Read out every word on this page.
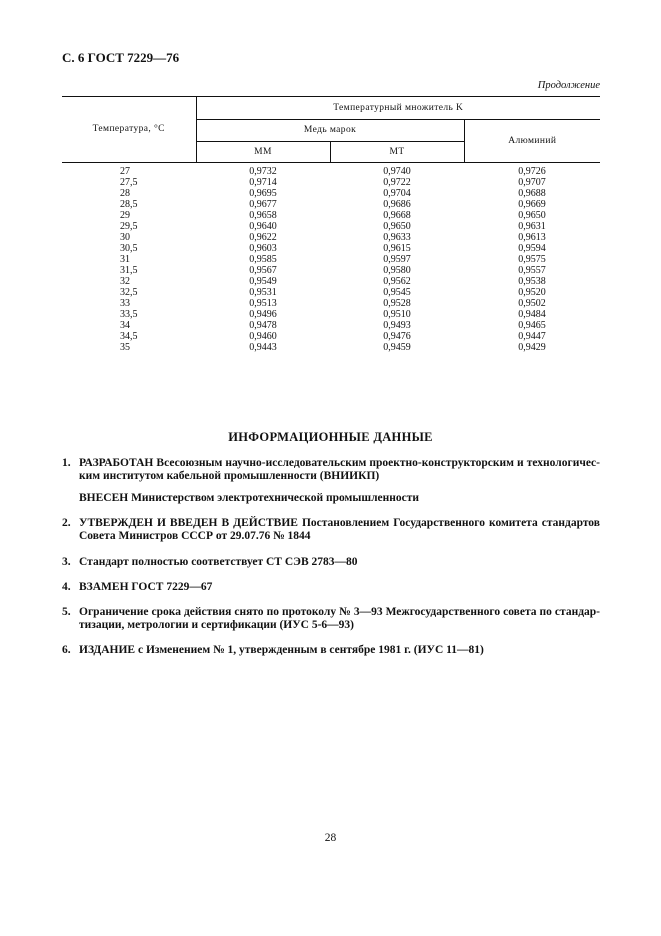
С. 6 ГОСТ 7229—76
Продолжение
Температура, °С	Температурный множитель K		
	Медь марок		Алюминий
	ММ	МТ	
27	0,9732	0,9740	0,9726
27,5	0,9714	0,9722	0,9707
28	0,9695	0,9704	0,9688
28,5	0,9677	0,9686	0,9669
29	0,9658	0,9668	0,9650
29,5	0,9640	0,9650	0,9631
30	0,9622	0,9633	0,9613
30,5	0,9603	0,9615	0,9594
31	0,9585	0,9597	0,9575
31,5	0,9567	0,9580	0,9557
32	0,9549	0,9562	0,9538
32,5	0,9531	0,9545	0,9520
33	0,9513	0,9528	0,9502
33,5	0,9496	0,9510	0,9484
34	0,9478	0,9493	0,9465
34,5	0,9460	0,9476	0,9447
35	0,9443	0,9459	0,9429
ИНФОРМАЦИОННЫЕ ДАННЫЕ
1. РАЗРАБОТАН Всесоюзным научно-исследовательским проектно-конструкторским и технологичес-
ким институтом кабельной промышленности (ВНИИКП)
ВНЕСЕН Министерством электротехнической промышленности
2. УТВЕРЖДЕН И ВВЕДЕН В ДЕЙСТВИЕ Постановлением Государственного комитета стандартов
Совета Министров СССР от 29.07.76 № 1844
3. Стандарт полностью соответствует СТ СЭВ 2783—80
4. ВЗАМЕН ГОСТ 7229—67
5. Ограничение срока действия снято по протоколу № 3—93 Межгосударственного совета по стандар-
тизации, метрологии и сертификации (ИУС 5-6—93)
6. ИЗДАНИЕ с Изменением № 1, утвержденным в сентябре 1981 г. (ИУС 11—81)
28
